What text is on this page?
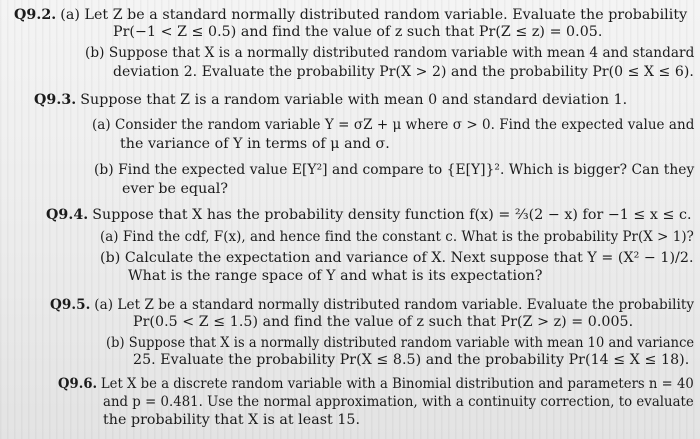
Q9.2. (a) Let Z be a standard normally distributed random variable. Evaluate the probability
Pr(−1 < Z ≤ 0.5) and find the value of z such that Pr(Z ≤ z) = 0.05.
(b) Suppose that X is a normally distributed random variable with mean 4 and standard
deviation 2. Evaluate the probability Pr(X > 2) and the probability Pr(0 ≤ X ≤ 6).
Q9.3. Suppose that Z is a random variable with mean 0 and standard deviation 1.
(a) Consider the random variable Y = σZ + μ where σ > 0. Find the expected value and
the variance of Y in terms of μ and σ.
(b) Find the expected value E[Y²] and compare to {E[Y]}². Which is bigger? Can they
ever be equal?
Q9.4. Suppose that X has the probability density function f(x) = ⅔(2 − x) for −1 ≤ x ≤ c.
(a) Find the cdf, F(x), and hence find the constant c. What is the probability Pr(X > 1)?
(b) Calculate the expectation and variance of X. Next suppose that Y = (X² − 1)/2.
What is the range space of Y and what is its expectation?
Q9.5. (a) Let Z be a standard normally distributed random variable. Evaluate the probability
Pr(0.5 < Z ≤ 1.5) and find the value of z such that Pr(Z > z) = 0.005.
(b) Suppose that X is a normally distributed random variable with mean 10 and variance
25. Evaluate the probability Pr(X ≤ 8.5) and the probability Pr(14 ≤ X ≤ 18).
Q9.6. Let X be a discrete random variable with a Binomial distribution and parameters n = 40
and p = 0.481. Use the normal approximation, with a continuity correction, to evaluate
the probability that X is at least 15.
